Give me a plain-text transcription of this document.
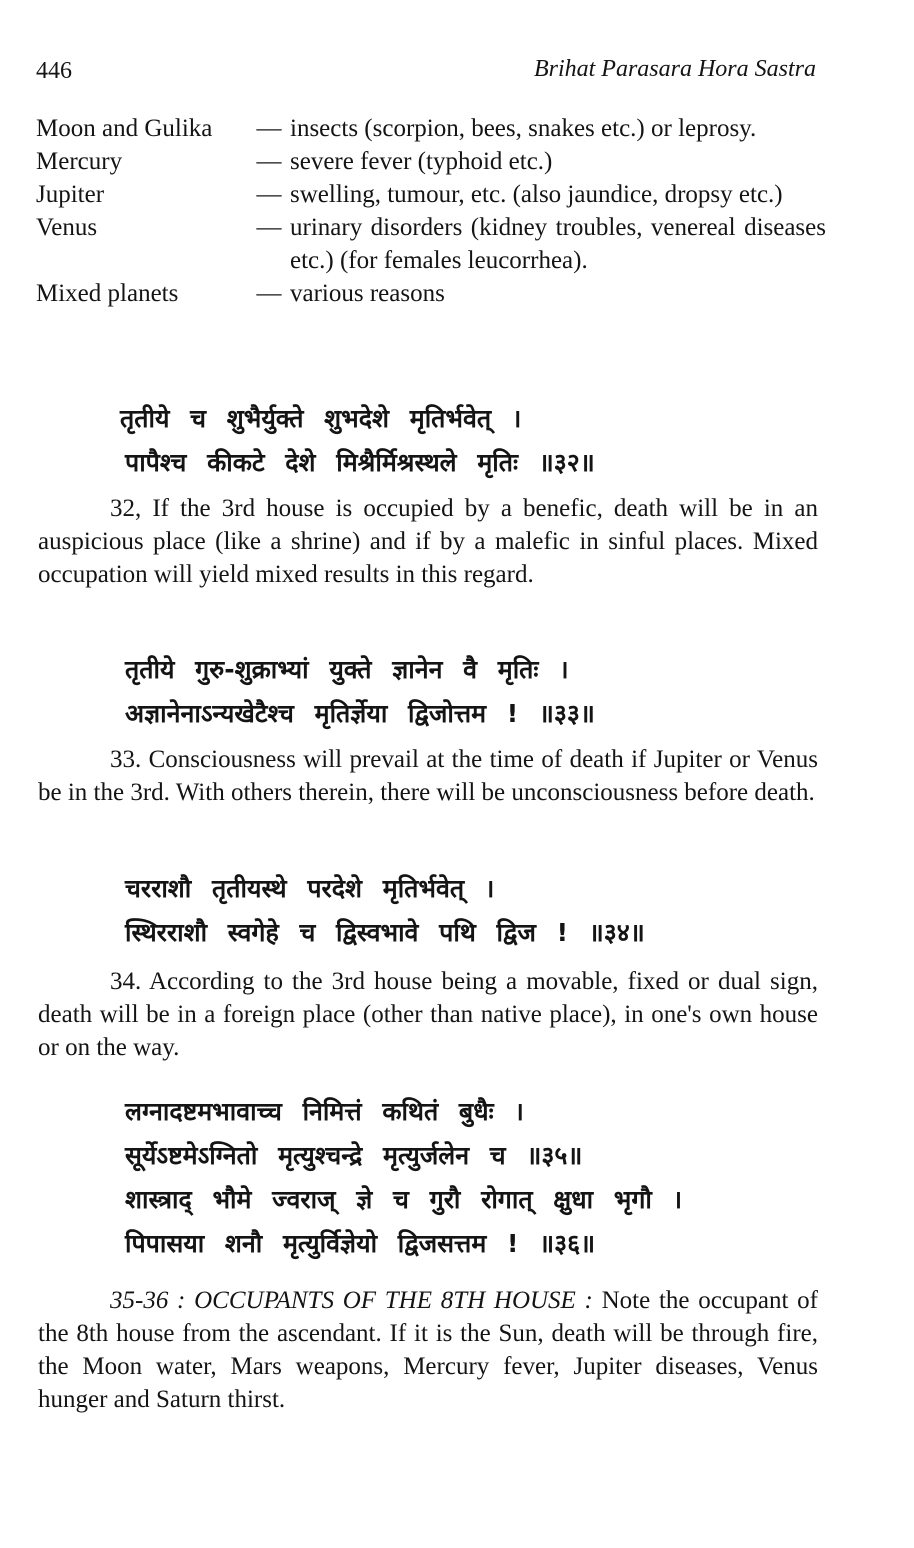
446	Brihat Parasara Hora Sastra
Moon and Gulika	— insects (scorpion, bees, snakes etc.) or leprosy.
Mercury	— severe fever (typhoid etc.)
Jupiter	— swelling, tumour, etc. (also jaundice, dropsy etc.)
Venus	— urinary disorders (kidney troubles, venereal diseases etc.) (for females leucorrhea).
Mixed planets	— various reasons
तृतीये च शुभैर्युक्ते शुभदेशे मृतिर्भवेत् ।
पापैश्च कीकटे देशे मिश्रैर्मिश्रस्थले मृतिः ॥३२॥
32, If the 3rd house is occupied by a benefic, death will be in an auspicious place (like a shrine) and if by a malefic in sinful places. Mixed occupation will yield mixed results in this regard.
तृतीये गुरु-शुक्राभ्यां युक्ते ज्ञानेन वै मृतिः ।
अज्ञानेनाऽन्यखेटैश्च मृतिर्ज्ञेया द्विजोत्तम ! ॥३३॥
33. Consciousness will prevail at the time of death if Jupiter or Venus be in the 3rd. With others therein, there will be unconsciousness before death.
चरराशौ तृतीयस्थे परदेशे मृतिर्भवेत् ।
स्थिरराशौ स्वगेहे च द्विस्वभावे पथि द्विज ! ॥३४॥
34. According to the 3rd house being a movable, fixed or dual sign, death will be in a foreign place (other than native place), in one's own house or on the way.
लग्नादष्टमभावाच्च निमित्तं कथितं बुधैः ।
सूर्येऽष्टमेऽग्नितो मृत्युश्चन्द्रे मृत्युर्जलेन च ॥३५॥
शास्त्राद् भौमे ज्वराज् ज्ञे च गुरौ रोगात् क्षुधा भृगौ ।
पिपासया शनौ मृत्युर्विज्ञेयो द्विजसत्तम ! ॥३६॥
35-36 : OCCUPANTS OF THE 8TH HOUSE : Note the occupant of the 8th house from the ascendant. If it is the Sun, death will be through fire, the Moon water, Mars weapons, Mercury fever, Jupiter diseases, Venus hunger and Saturn thirst.
